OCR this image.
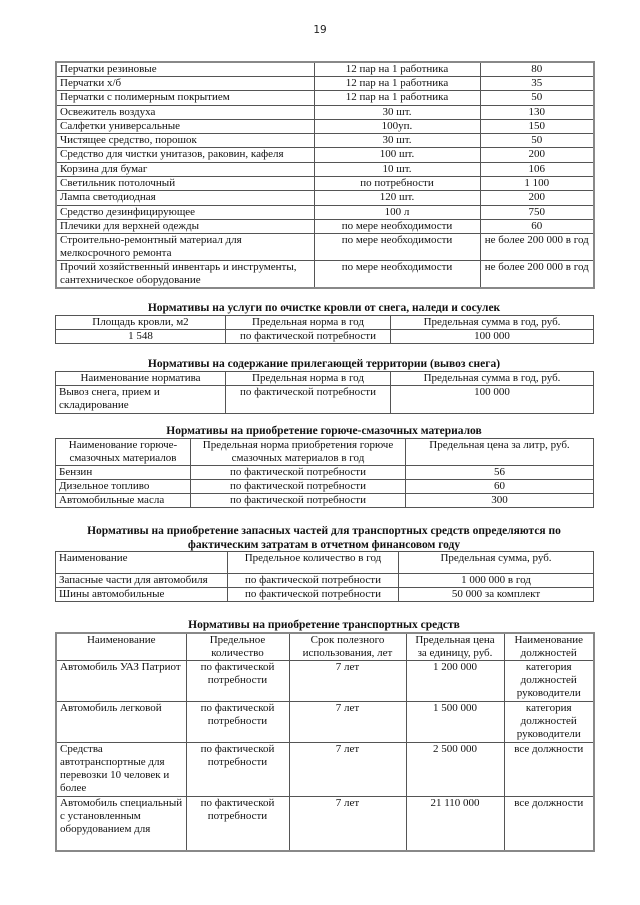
19
Перчатки резиновые	12 пар на 1 работника	80
Перчатки х/б	12 пар на 1 работника	35
Перчатки с полимерным покрытием	12 пар на 1 работника	50
Освежитель воздуха	30 шт.	130
Салфетки универсальные	100уп.	150
Чистящее средство, порошок	30 шт.	50
Средство для чистки унитазов, раковин, кафеля	100 шт.	200
Корзина для бумаг	10 шт.	106
Светильник потолочный	по потребности	1 100
Лампа светодиодная	120 шт.	200
Средство дезинфицирующее	100 л	750
Плечики для верхней одежды	по мере необходимости	60
Строительно-ремонтный материал для мелкосрочного ремонта	по мере необходимости	не более 200 000 в год
Прочий хозяйственный инвентарь и инструменты, сантехническое оборудование	по мере необходимости	не более 200 000 в год
Нормативы на услуги по очистке кровли от снега, наледи и сосулек
Площадь кровли, м2	Предельная норма в год	Предельная сумма в год, руб.
1 548	по фактической потребности	100 000
Нормативы на содержание прилегающей территории (вывоз снега)
Наименование норматива	Предельная норма в год	Предельная сумма в год, руб.
Вывоз снега, прием и складирование	по фактической потребности	100 000
Нормативы на приобретение горюче-смазочных материалов
Наименование горюче-смазочных материалов	Предельная норма приобретения горюче смазочных материалов в год	Предельная цена за литр, руб.
Бензин	по фактической потребности	56
Дизельное топливо	по фактической потребности	60
Автомобильные масла	по фактической потребности	300
Нормативы на приобретение запасных частей для транспортных средств определяются по фактическим затратам в отчетном финансовом году
Наименование	Предельное количество в год	Предельная сумма, руб.
Запасные части для автомобиля	по фактической потребности	1 000 000 в год
Шины автомобильные	по фактической потребности	50 000 за комплект
Нормативы на приобретение транспортных средств
Наименование	Предельное количество	Срок полезного использования, лет	Предельная цена за единицу, руб.	Наименование должностей
Автомобиль УАЗ Патриот	по фактической потребности	7 лет	1 200 000	категория должностей руководители
Автомобиль легковой	по фактической потребности	7 лет	1 500 000	категория должностей руководители
Средства автотранспортные для перевозки 10 человек и более	по фактической потребности	7 лет	2 500 000	все должности
Автомобиль специальный с установленным оборудованием для	по фактической потребности	7 лет	21 110 000	все должности
